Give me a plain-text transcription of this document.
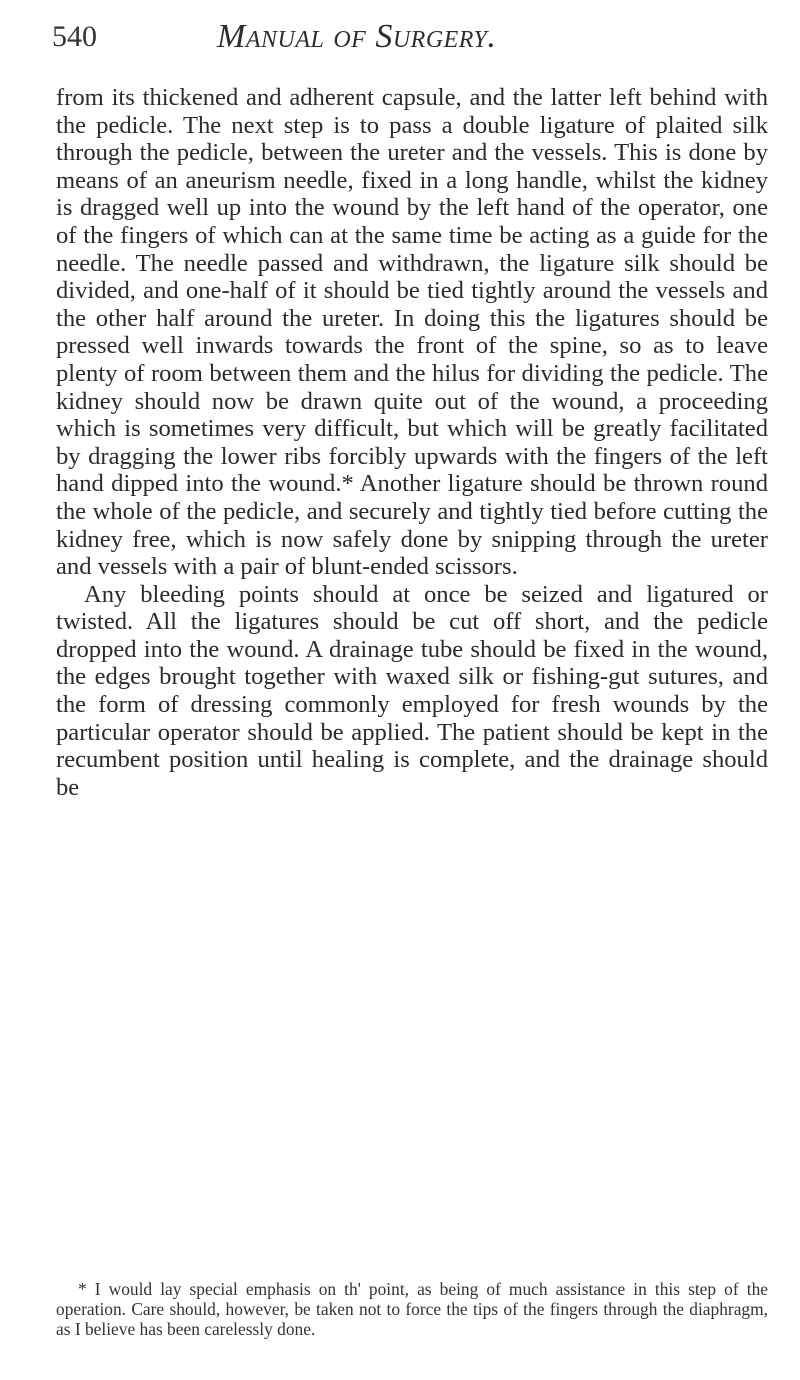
540	Manual of Surgery.

from its thickened and adherent capsule, and the latter left behind with the pedicle. The next step is to pass a double ligature of plaited silk through the pedicle, between the ureter and the vessels. This is done by means of an aneurism needle, fixed in a long handle, whilst the kidney is dragged well up into the wound by the left hand of the operator, one of the fingers of which can at the same time be acting as a guide for the needle. The needle passed and withdrawn, the ligature silk should be divided, and one-half of it should be tied tightly around the vessels and the other half around the ureter. In doing this the ligatures should be pressed well inwards towards the front of the spine, so as to leave plenty of room between them and the hilus for dividing the pedicle. The kidney should now be drawn quite out of the wound, a proceeding which is sometimes very difficult, but which will be greatly facilitated by dragging the lower ribs forcibly upwards with the fingers of the left hand dipped into the wound.* Another ligature should be thrown round the whole of the pedicle, and securely and tightly tied before cutting the kidney free, which is now safely done by snipping through the ureter and vessels with a pair of blunt-ended scissors.

Any bleeding points should at once be seized and ligatured or twisted. All the ligatures should be cut off short, and the pedicle dropped into the wound. A drainage tube should be fixed in the wound, the edges brought together with waxed silk or fishing-gut sutures, and the form of dressing commonly employed for fresh wounds by the particular operator should be applied. The patient should be kept in the recumbent position until healing is complete, and the drainage should be

* I would lay special emphasis on th' point, as being of much assistance in this step of the operation. Care should, however, be taken not to force the tips of the fingers through the diaphragm, as I believe has been carelessly done.
